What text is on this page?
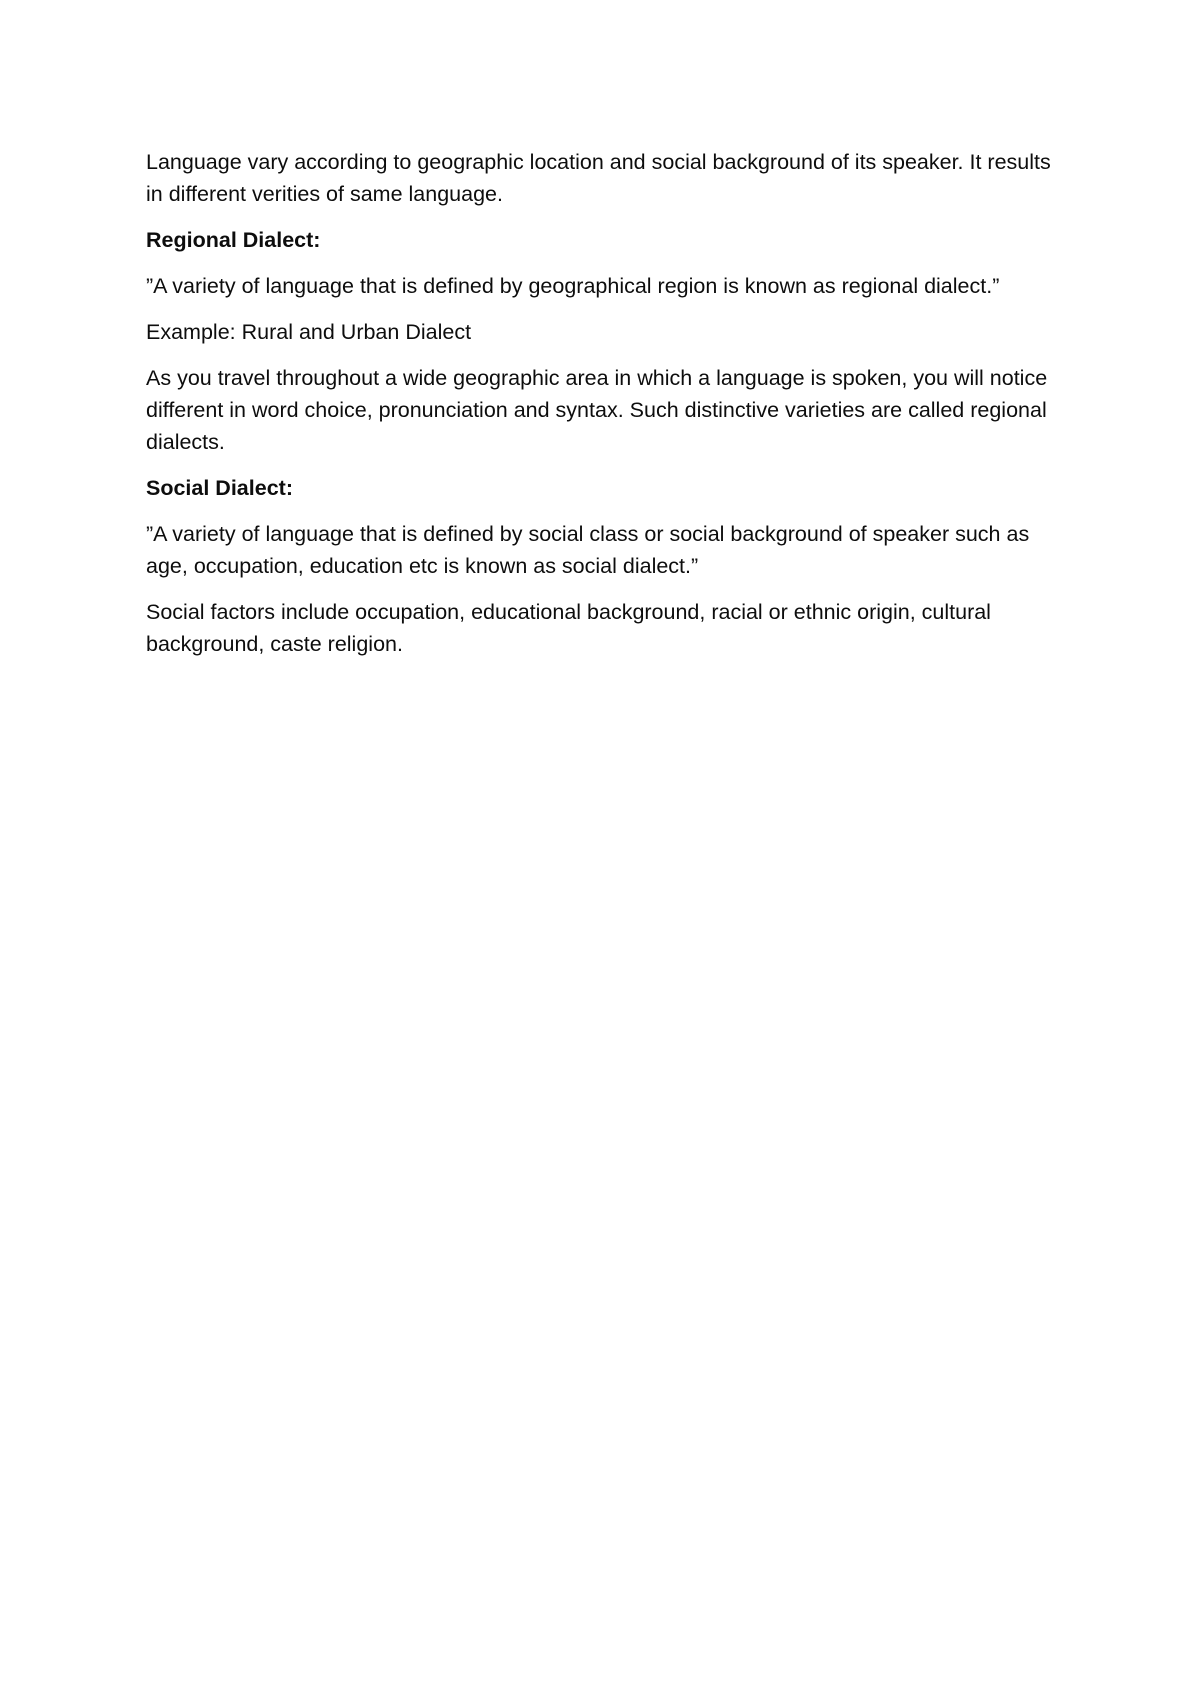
Language vary according to geographic location and social background of its speaker. It results in different verities of same language.

Regional Dialect:

”A variety of language that is defined by geographical region is known as regional dialect.”

Example: Rural and Urban Dialect

As you travel throughout a wide geographic area in which a language is spoken, you will notice different in word choice, pronunciation and syntax. Such distinctive varieties are called regional dialects.

Social Dialect:

”A variety of language that is defined by social class or social background of speaker such as age, occupation, education etc is known as social dialect.”

Social factors include occupation, educational background, racial or ethnic origin, cultural background, caste religion.
